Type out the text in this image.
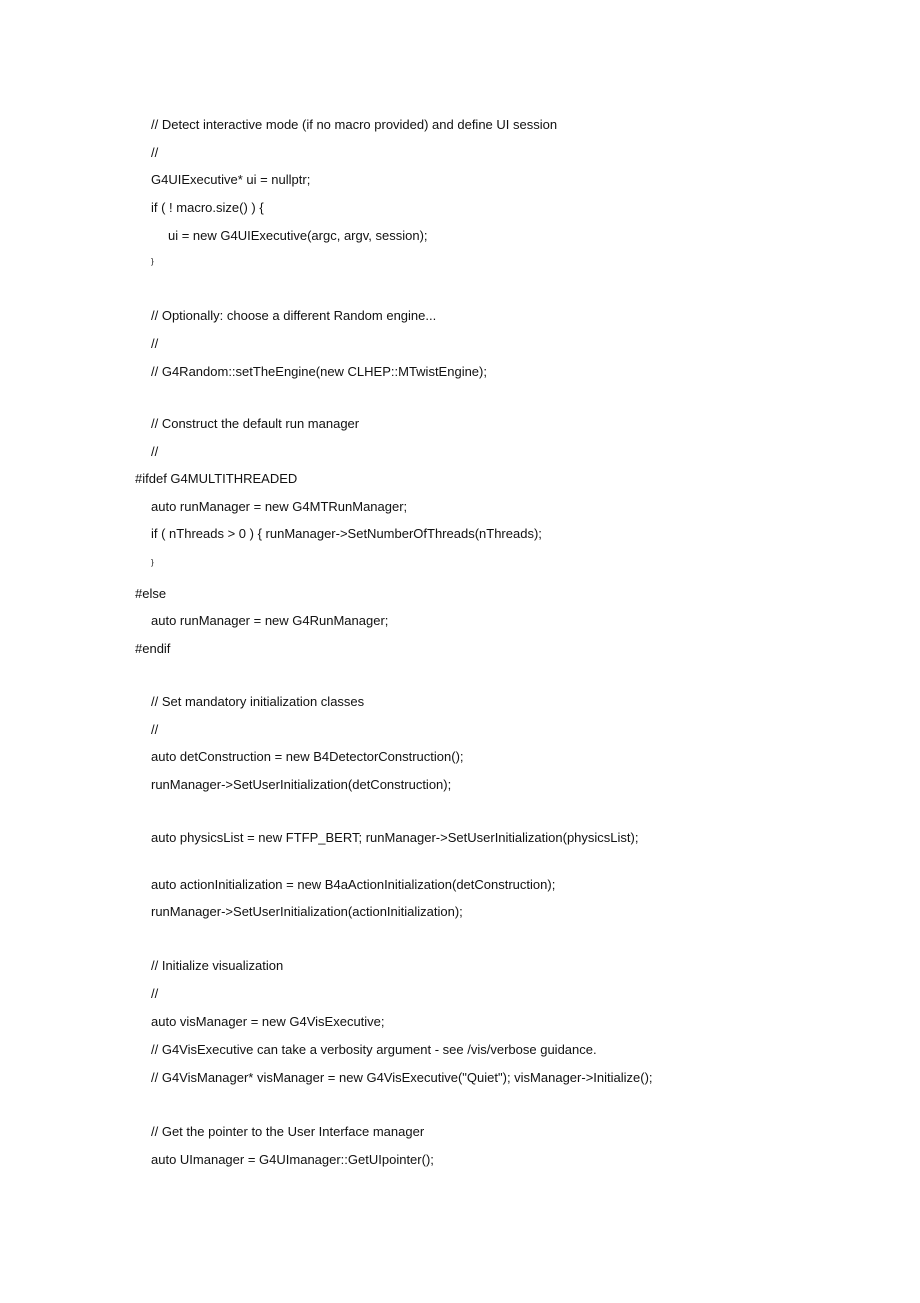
// Detect interactive mode (if no macro provided) and define UI session
//
G4UIExecutive* ui = nullptr;
if ( ! macro.size() ) {
ui = new G4UIExecutive(argc, argv, session);
}
// Optionally: choose a different Random engine...
//
// G4Random::setTheEngine(new CLHEP::MTwistEngine);
// Construct the default run manager
//
#ifdef G4MULTITHREADED
auto runManager = new G4MTRunManager;
if ( nThreads > 0 ) { runManager->SetNumberOfThreads(nThreads);
}
#else
auto runManager = new G4RunManager;
#endif
// Set mandatory initialization classes
//
auto detConstruction = new B4DetectorConstruction();
runManager->SetUserInitialization(detConstruction);
auto physicsList = new FTFP_BERT; runManager->SetUserInitialization(physicsList);
auto actionInitialization = new B4aActionInitialization(detConstruction);
runManager->SetUserInitialization(actionInitialization);
// Initialize visualization
//
auto visManager = new G4VisExecutive;
// G4VisExecutive can take a verbosity argument - see /vis/verbose guidance.
// G4VisManager* visManager = new G4VisExecutive("Quiet"); visManager->Initialize();
// Get the pointer to the User Interface manager
auto UImanager = G4UImanager::GetUIpointer();
